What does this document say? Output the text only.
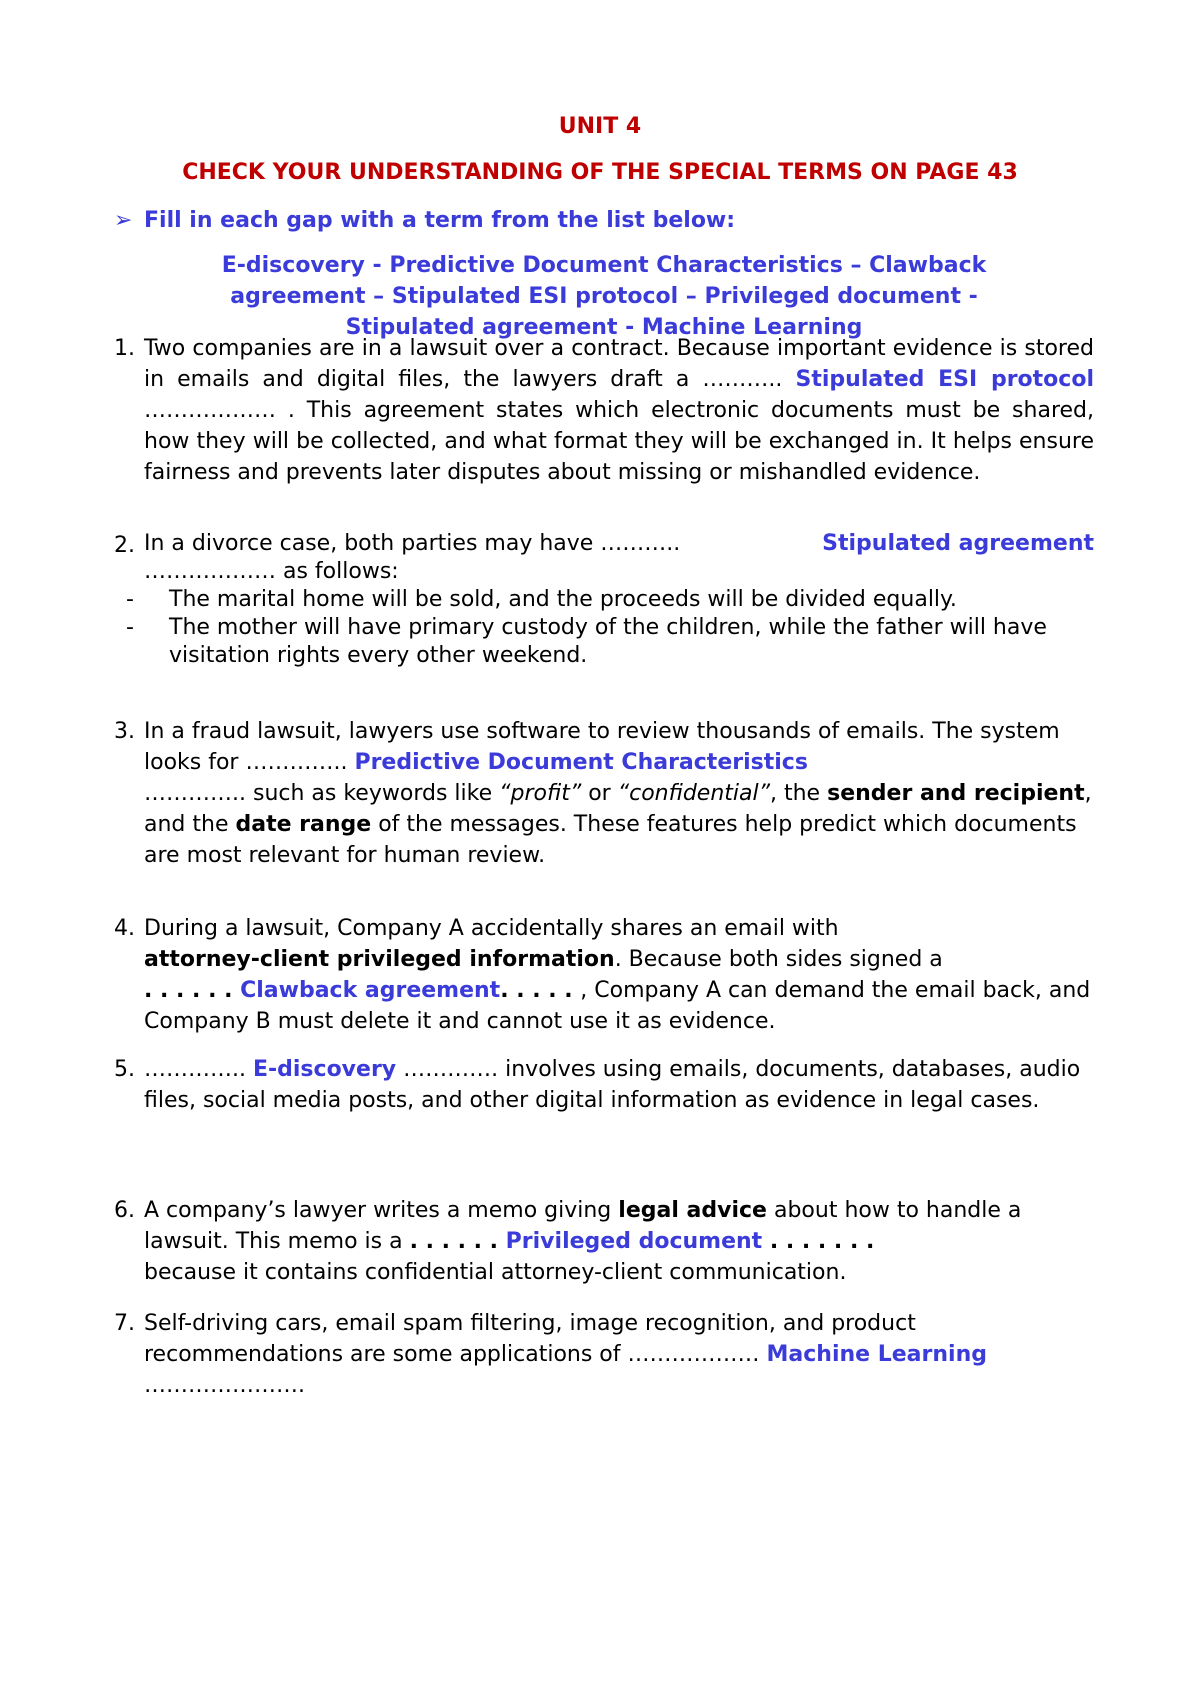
UNIT 4
CHECK YOUR UNDERSTANDING OF THE SPECIAL TERMS ON PAGE 43
➢ Fill in each gap with a term from the list below:
E-discovery - Predictive Document Characteristics – Clawback
agreement – Stipulated ESI protocol – Privileged document -
Stipulated agreement - Machine Learning
1. Two companies are in a lawsuit over a contract. Because important evidence is stored in emails and digital files, the lawyers draft a ……….. Stipulated ESI protocol ……………… . This agreement states which electronic documents must be shared, how they will be collected, and what format they will be exchanged in. It helps ensure fairness and prevents later disputes about missing or mishandled evidence.
2. In a divorce case, both parties may have ………..	Stipulated agreement

……………… as follows:
-	The marital home will be sold, and the proceeds will be divided equally.
-	The mother will have primary custody of the children, while the father will have visitation rights every other weekend.
3. In a fraud lawsuit, lawyers use software to review thousands of emails. The system looks for ………….. Predictive Document Characteristics
………….. such as keywords like “profit” or “confidential”, the sender and recipient, and the date range of the messages. These features help predict which documents are most relevant for human review.
4. During a lawsuit, Company A accidentally shares an email with
attorney-client privileged information. Because both sides signed a
. . . . . . Clawback agreement. . . . . , Company A can demand the email back, and Company B must delete it and cannot use it as evidence.
5. ………….. E-discovery …………. involves using emails, documents, databases, audio files, social media posts, and other digital information as evidence in legal cases.
6. A company’s lawyer writes a memo giving legal advice about how to handle a lawsuit. This memo is a . . . . . . Privileged document . . . . . . .
because it contains confidential attorney-client communication.
7. Self-driving cars, email spam filtering, image recognition, and product recommendations are some applications of ……………… Machine Learning
………………….
